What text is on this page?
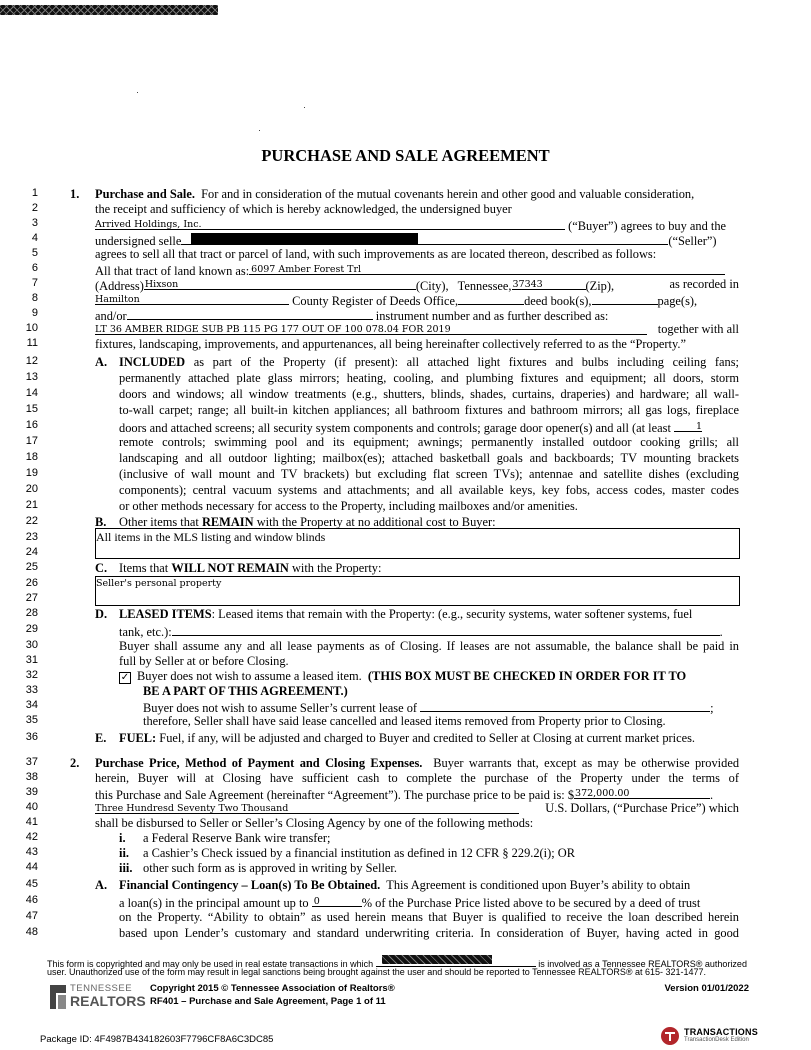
PURCHASE AND SALE AGREEMENT
1
2
3
4
5
6
7
8
9
10
11
12
13
14
15
16
17
18
19
20
21
22
23
24
25
26
27
28
29
30
31
32
33
34
35
36
37
38
39
40
41
42
43
44
45
46
47
48
1. Purchase and Sale. For and in consideration of the mutual covenants herein and other good and valuable consideration,
the receipt and sufficiency of which is hereby acknowledged, the undersigned buyer
Arrived Holdings, Inc.	(“Buyer”) agrees to buy and the
undersigned selle	(“Seller”)
agrees to sell all that tract or parcel of land, with such improvements as are located thereon, described as follows:
All that tract of land known as: 6097 Amber Forest Trl
(Address) Hixson	(City), Tennessee, 37343	(Zip),	as recorded in
Hamilton	County Register of Deeds Office,	deed book(s),	page(s),
and/or	instrument number and as further described as:
LT 36 AMBER RIDGE SUB PB 115 PG 177 OUT OF 100 078.04 FOR 2019
	together with all
fixtures, landscaping, improvements, and appurtenances, all being hereinafter collectively referred to as the “Property.”
A. INCLUDED as part of the Property (if present): all attached light fixtures and bulbs including ceiling fans;
permanently attached plate glass mirrors; heating, cooling, and plumbing fixtures and equipment; all doors, storm
doors and windows; all window treatments (e.g., shutters, blinds, shades, curtains, draperies) and hardware; all wall-
to-wall carpet; range; all built-in kitchen appliances; all bathroom fixtures and bathroom mirrors; all gas logs, fireplace
doors and attached screens; all security system components and controls; garage door opener(s) and all (at least	1
remote controls; swimming pool and its equipment; awnings; permanently installed outdoor cooking grills; all
landscaping and all outdoor lighting; mailbox(es); attached basketball goals and backboards; TV mounting brackets
(inclusive of wall mount and TV brackets) but excluding flat screen TVs); antennae and satellite dishes (excluding
components); central vacuum systems and attachments; and all available keys, key fobs, access codes, master codes
or other methods necessary for access to the Property, including mailboxes and/or amenities.
B. Other items that REMAIN with the Property at no additional cost to Buyer:
All items in the MLS listing and window blinds
C. Items that WILL NOT REMAIN with the Property:
Seller's personal property
D. LEASED ITEMS: Leased items that remain with the Property: (e.g., security systems, water softener systems, fuel
tank, etc.):	.
Buyer shall assume any and all lease payments as of Closing. If leases are not assumable, the balance shall be paid in
full by Seller at or before Closing.
✓ Buyer does not wish to assume a leased item. (THIS BOX MUST BE CHECKED IN ORDER FOR IT TO
BE A PART OF THIS AGREEMENT.)
Buyer does not wish to assume Seller’s current lease of	;
therefore, Seller shall have said lease cancelled and leased items removed from Property prior to Closing.
E. FUEL: Fuel, if any, will be adjusted and charged to Buyer and credited to Seller at Closing at current market prices.
2. Purchase Price, Method of Payment and Closing Expenses. Buyer warrants that, except as may be otherwise provided
herein, Buyer will at Closing have sufficient cash to complete the purchase of the Property under the terms of
this Purchase and Sale Agreement (hereinafter “Agreement”). The purchase price to be paid is: $ 372,000.00	.
Three Hundresd Seventy Two Thousand	U.S. Dollars, (“Purchase Price”) which
shall be disbursed to Seller or Seller’s Closing Agency by one of the following methods:
i. a Federal Reserve Bank wire transfer;
ii. a Cashier’s Check issued by a financial institution as defined in 12 CFR § 229.2(i); OR
iii. other such form as is approved in writing by Seller.
A. Financial Contingency – Loan(s) To Be Obtained. This Agreement is conditioned upon Buyer’s ability to obtain
a loan(s) in the principal amount up to 0	% of the Purchase Price listed above to be secured by a deed of trust
on the Property. “Ability to obtain” as used herein means that Buyer is qualified to receive the loan described herein
based upon Lender’s customary and standard underwriting criteria. In consideration of Buyer, having acted in good
This form is copyrighted and may only be used in real estate transactions in which	is involved as a Tennessee REALTORS® authorized
user. Unauthorized use of the form may result in legal sanctions being brought against the user and should be reported to Tennessee REALTORS® at 615- 321-1477.
TENNESSEE
REALTORS
Copyright 2015 © Tennessee Association of Realtors®
RF401 – Purchase and Sale Agreement, Page 1 of 11
Version 01/01/2022
Package ID: 4F4987B434182603F7796CF8A6C3DC85
TRANSACTIONS
TransactionDesk Edition
